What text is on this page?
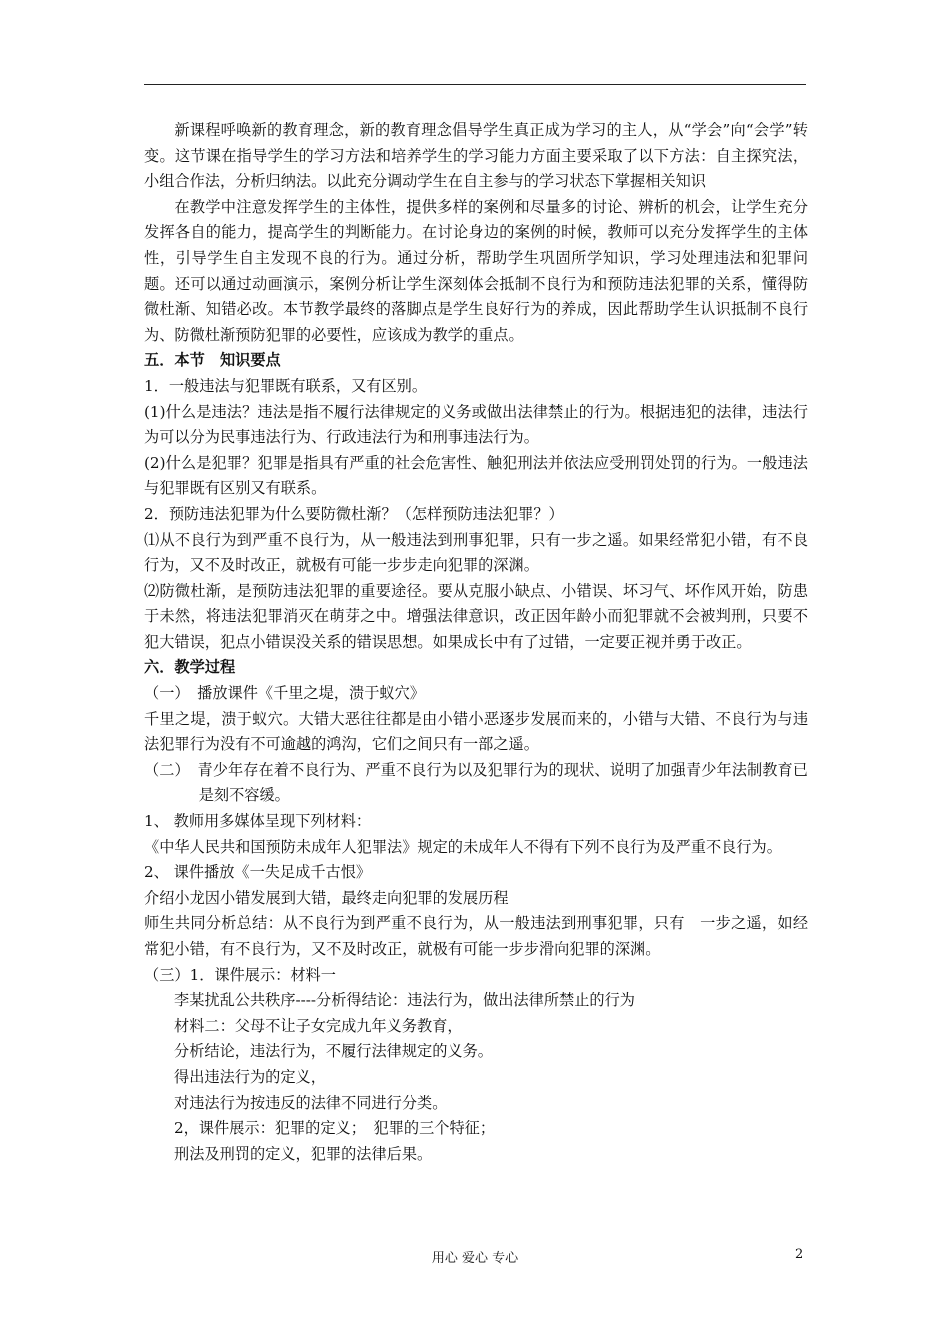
新课程呼唤新的教育理念，新的教育理念倡导学生真正成为学习的主人，从“学会”向“会学”转变。这节课在指导学生的学习方法和培养学生的学习能力方面主要采取了以下方法：自主探究法，小组合作法，分析归纳法。以此充分调动学生在自主参与的学习状态下掌握相关知识

在教学中注意发挥学生的主体性，提供多样的案例和尽量多的讨论、辨析的机会，让学生充分发挥各自的能力，提高学生的判断能力。在讨论身边的案例的时候，教师可以充分发挥学生的主体性，引导学生自主发现不良的行为。通过分析，帮助学生巩固所学知识，学习处理违法和犯罪问题。还可以通过动画演示，案例分析让学生深刻体会抵制不良行为和预防违法犯罪的关系，懂得防微杜渐、知错必改。本节教学最终的落脚点是学生良好行为的养成，因此帮助学生认识抵制不良行为、防微杜渐预防犯罪的必要性，应该成为教学的重点。

五．本节　知识要点

1．一般违法与犯罪既有联系，又有区别。

(1)什么是违法？违法是指不履行法律规定的义务或做出法律禁止的行为。根据违犯的法律，违法行为可以分为民事违法行为、行政违法行为和刑事违法行为。

(2)什么是犯罪？犯罪是指具有严重的社会危害性、触犯刑法并依法应受刑罚处罚的行为。一般违法与犯罪既有区别又有联系。

2．预防违法犯罪为什么要防微杜渐？（怎样预防违法犯罪？）

⑴从不良行为到严重不良行为，从一般违法到刑事犯罪，只有一步之遥。如果经常犯小错，有不良行为，又不及时改正，就极有可能一步步走向犯罪的深渊。

⑵防微杜渐，是预防违法犯罪的重要途径。要从克服小缺点、小错误、坏习气、坏作风开始，防患于未然，将违法犯罪消灭在萌芽之中。增强法律意识，改正因年龄小而犯罪就不会被判刑，只要不犯大错误，犯点小错误没关系的错误思想。如果成长中有了过错，一定要正视并勇于改正。

六．教学过程

（一）　播放课件《千里之堤，溃于蚁穴》

千里之堤，溃于蚁穴。大错大恶往往都是由小错小恶逐步发展而来的，小错与大错、不良行为与违法犯罪行为没有不可逾越的鸿沟，它们之间只有一部之遥。

（二）　青少年存在着不良行为、严重不良行为以及犯罪行为的现状、说明了加强青少年法制教育已是刻不容缓。

1、 教师用多媒体呈现下列材料：

《中华人民共和国预防未成年人犯罪法》规定的未成年人不得有下列不良行为及严重不良行为。

2、 课件播放《一失足成千古恨》

介绍小龙因小错发展到大错，最终走向犯罪的发展历程

师生共同分析总结：从不良行为到严重不良行为，从一般违法到刑事犯罪，只有　一步之遥，如经常犯小错，有不良行为，又不及时改正，就极有可能一步步滑向犯罪的深渊。

（三）1．课件展示：材料一

李某扰乱公共秩序----分析得结论：违法行为，做出法律所禁止的行为

材料二：父母不让子女完成九年义务教育，

分析结论，违法行为，不履行法律规定的义务。

得出违法行为的定义，

对违法行为按违反的法律不同进行分类。

2，课件展示：犯罪的定义；　犯罪的三个特征；

刑法及刑罚的定义，犯罪的法律后果。

用心 爱心 专心	2
